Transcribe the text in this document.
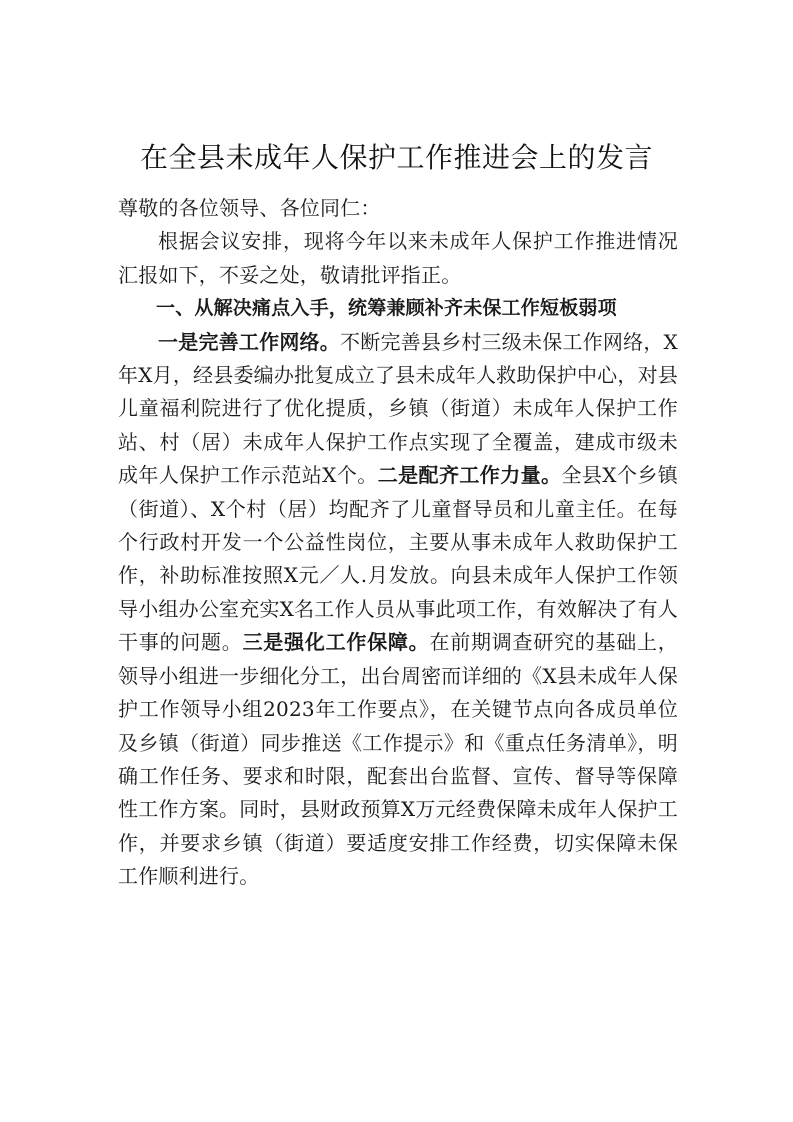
在全县未成年人保护工作推进会上的发言

尊敬的各位领导、各位同仁：

根据会议安排，现将今年以来未成年人保护工作推进情况汇报如下，不妥之处，敬请批评指正。

一、从解决痛点入手，统筹兼顾补齐未保工作短板弱项

一是完善工作网络。不断完善县乡村三级未保工作网络，X年X月，经县委编办批复成立了县未成年人救助保护中心，对县儿童福利院进行了优化提质，乡镇（街道）未成年人保护工作站、村（居）未成年人保护工作点实现了全覆盖，建成市级未成年人保护工作示范站X个。二是配齐工作力量。全县X个乡镇（街道）、X个村（居）均配齐了儿童督导员和儿童主任。在每个行政村开发一个公益性岗位，主要从事未成年人救助保护工作，补助标准按照X元／人.月发放。向县未成年人保护工作领导小组办公室充实X名工作人员从事此项工作，有效解决了有人干事的问题。三是强化工作保障。在前期调查研究的基础上，领导小组进一步细化分工，出台周密而详细的《X县未成年人保护工作领导小组2023年工作要点》，在关键节点向各成员单位及乡镇（街道）同步推送《工作提示》和《重点任务清单》，明确工作任务、要求和时限，配套出台监督、宣传、督导等保障性工作方案。同时，县财政预算X万元经费保障未成年人保护工作，并要求乡镇（街道）要适度安排工作经费，切实保障未保工作顺利进行。
